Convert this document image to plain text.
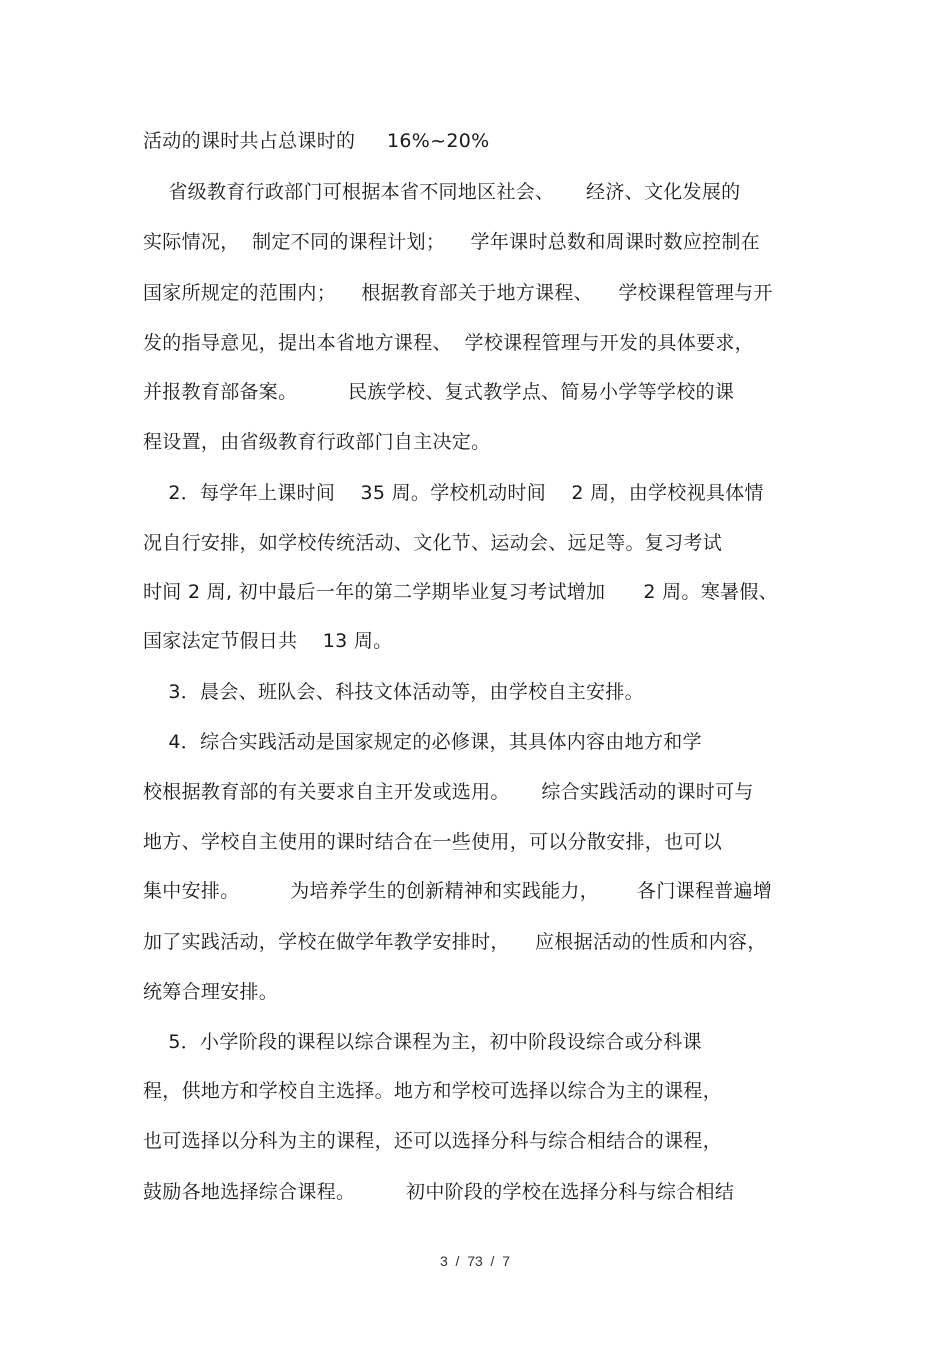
活动的课时共占总课时的     16%~20%
省级教育行政部门可根据本省不同地区社会、     经济、文化发展的
实际情况，  制定不同的课程计划；    学年课时总数和周课时数应控制在
国家所规定的范围内；    根据教育部关于地方课程、    学校课程管理与开
发的指导意见，提出本省地方课程、  学校课程管理与开发的具体要求，
并报教育部备案。        民族学校、复式教学点、简易小学等学校的课
程设置，由省级教育行政部门自主决定。
2．每学年上课时间    35 周。学校机动时间    2 周，由学校视具体情
况自行安排，如学校传统活动、文化节、运动会、远足等。复习考试
时间 2 周, 初中最后一年的第二学期毕业复习考试增加      2 周。寒暑假、
国家法定节假日共    13 周。
3．晨会、班队会、科技文体活动等，由学校自主安排。
4．综合实践活动是国家规定的必修课，其具体内容由地方和学
校根据教育部的有关要求自主开发或选用。     综合实践活动的课时可与
地方、学校自主使用的课时结合在一些使用，可以分散安排，也可以
集中安排。        为培养学生的创新精神和实践能力，      各门课程普遍增
加了实践活动，学校在做学年教学安排时，    应根据活动的性质和内容，
统筹合理安排。
5．小学阶段的课程以综合课程为主，初中阶段设综合或分科课
程，供地方和学校自主选择。地方和学校可选择以综合为主的课程，
也可选择以分科为主的课程，还可以选择分科与综合相结合的课程，
鼓励各地选择综合课程。        初中阶段的学校在选择分科与综合相结
3  /  73  /  7
